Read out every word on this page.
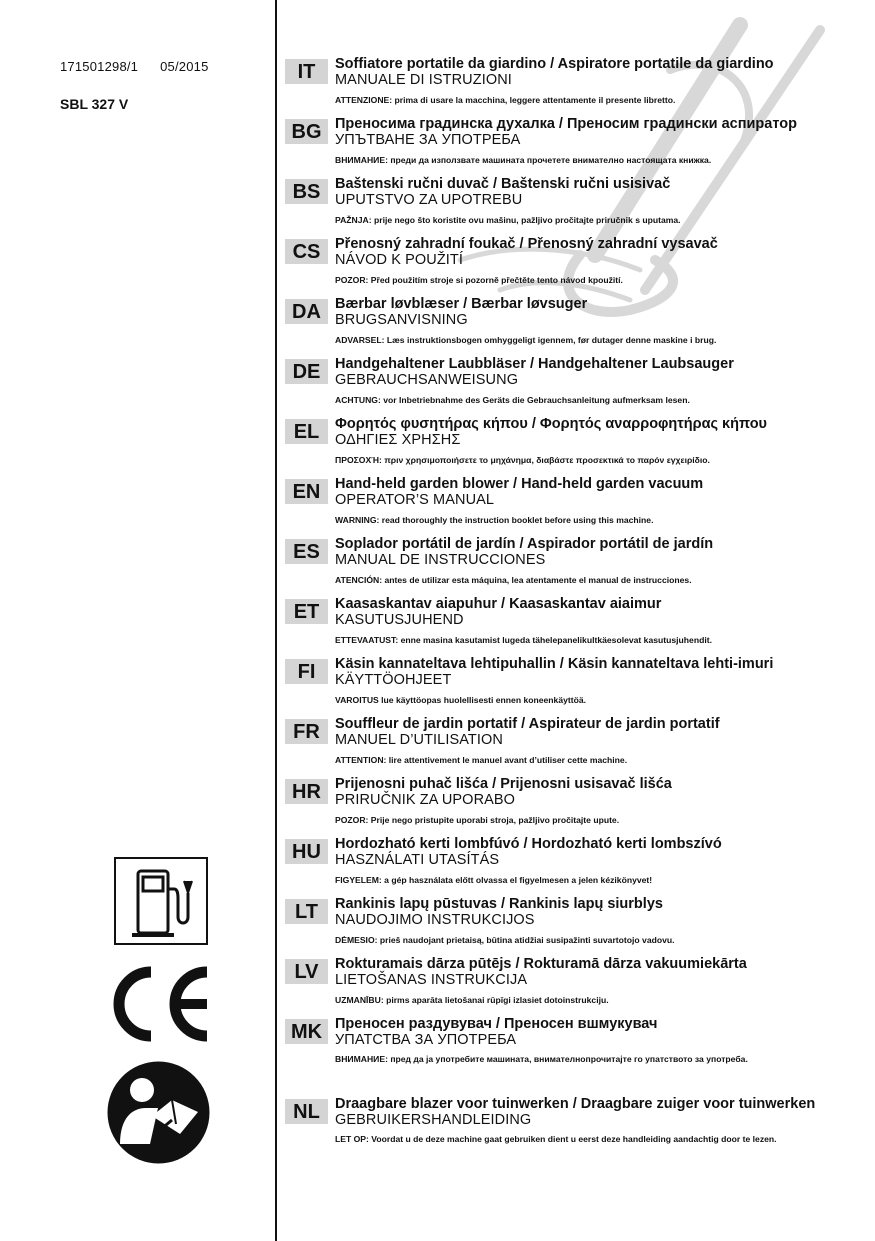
171501298/1 05/2015
SBL 327 V
IT	Soffiatore portatile da giardino / Aspiratore portatile da giardino
MANUALE DI ISTRUZIONI
ATTENZIONE: prima di usare la macchina, leggere attentamente il presente libretto.
BG Преносима градинска духалка / Преносим градински аспиратор
УПЪТВАНЕ ЗА УПОТРЕБА
ВНИМАНИЕ: преди да използвате машината прочетете внимателно настоящата книжка.
BS	Baštenski ručni duvač / Baštenski ručni usisivač
UPUTSTVO ZA UPOTREBU
PAŽNJA: prije nego što koristite ovu mašinu, pažljivo pročitajte priručnik s uputama.
CS	Přenosný zahradní foukač / Přenosný zahradní vysavač
NÁVOD K POUŽITÍ
POZOR: Před použitím stroje si pozorně přečtěte tento návod kpoužití.
DA Bærbar løvblæser / Bærbar løvsuger
BRUGSANVISNING
ADVARSEL: Læs instruktionsbogen omhyggeligt igennem, før dutager denne maskine i brug.
DE	Handgehaltener Laubbläser / Handgehaltener Laubsauger
GEBRAUCHSANWEISUNG
ACHTUNG: vor Inbetriebnahme des Geräts die Gebrauchsanleitung aufmerksam lesen.
EL	Φορητός φυσητήρας κήπου / Φορητός αναρροφητήρας κήπου
ΟΔΗΓΙΕΣ ΧΡΗΣΗΣ
ΠΡΟΣΟΧΉ: πριν χρησιμοποιήσετε το μηχάνημα, διαβάστε προσεκτικά το παρόν εγχειρίδιο.
EN	Hand-held garden blower / Hand-held garden vacuum
OPERATOR’S MANUAL
WARNING: read thoroughly the instruction booklet before using this machine.
ES	Soplador portátil de jardín / Aspirador portátil de jardín
MANUAL DE INSTRUCCIONES
ATENCIÓN: antes de utilizar esta máquina, lea atentamente el manual de instrucciones.
ET	Kaasaskantav aiapuhur / Kaasaskantav aiaimur
KASUTUSJUHEND
ETTEVAATUST: enne masina kasutamist lugeda tähelepanelikultkäesolevat kasutusjuhendit.
FI	Käsin kannateltava lehtipuhallin / Käsin kannateltava lehti-imuri
KÄYTTÖOHJEET
VAROITUS lue käyttöopas huolellisesti ennen koneenkäyttöä.
FR	Souffleur de jardin portatif / Aspirateur de jardin portatif
MANUEL D’UTILISATION
ATTENTION: lire attentivement le manuel avant d’utiliser cette machine.
HR Prijenosni puhač lišća / Prijenosni usisavač lišća
PRIRUČNIK ZA UPORABO
POZOR: Prije nego pristupite uporabi stroja, pažljivo pročitajte upute.
HU Hordozható kerti lombfúvó / Hordozható kerti lombszívó
HASZNÁLATI UTASÍTÁS
FIGYELEM: a gép használata előtt olvassa el figyelmesen a jelen kézikönyvet!
LT	Rankinis lapų pūstuvas / Rankinis lapų siurblys
NAUDOJIMO INSTRUKCIJOS
DĖMESIO: prieš naudojant prietaisą, būtina atidžiai susipažinti suvartotojo vadovu.
LV	Rokturamais dārza pūtējs / Rokturamā dārza vakuumiekārta
LIETOŠANAS INSTRUKCIJA
UZMANĪBU: pirms aparāta lietošanai rūpīgi izlasiet dotoinstrukciju.
MK Преносен раздувувач / Преносен вшмукувач
УПАТСТВА ЗА УПОТРЕБА
ВНИМАНИЕ: пред да ја употребите машината, внимателнопрочитајте го упатството за употреба.
NL	Draagbare blazer voor tuinwerken / Draagbare zuiger voor tuinwerken
GEBRUIKERSHANDLEIDING
LET OP: Voordat u de deze machine gaat gebruiken dient u eerst deze handleiding aandachtig door te lezen.
